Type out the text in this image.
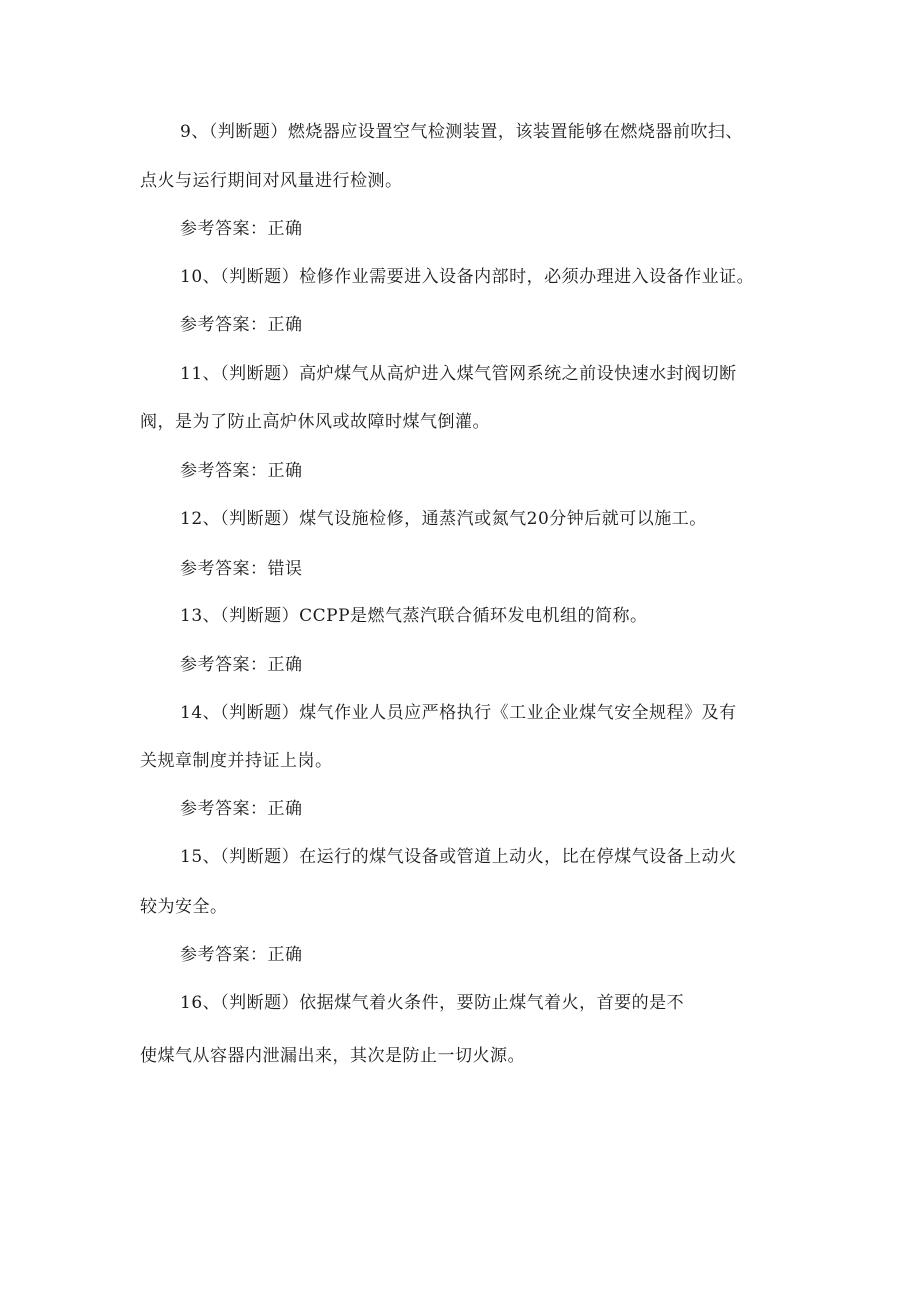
9、（判断题）燃烧器应设置空气检测装置，该装置能够在燃烧器前吹扫、
点火与运行期间对风量进行检测。
参考答案：正确
10、（判断题）检修作业需要进入设备内部时，必须办理进入设备作业证。
参考答案：正确
11、（判断题）高炉煤气从高炉进入煤气管网系统之前设快速水封阀切断
阀，是为了防止高炉休风或故障时煤气倒灌。
参考答案：正确
12、（判断题）煤气设施检修，通蒸汽或氮气20分钟后就可以施工。
参考答案：错误
13、（判断题）CCPP是燃气蒸汽联合循环发电机组的简称。
参考答案：正确
14、（判断题）煤气作业人员应严格执行《工业企业煤气安全规程》及有
关规章制度并持证上岗。
参考答案：正确
15、（判断题）在运行的煤气设备或管道上动火，比在停煤气设备上动火
较为安全。
参考答案：正确
16、（判断题）依据煤气着火条件，要防止煤气着火，首要的是不
使煤气从容器内泄漏出来，其次是防止一切火源。
